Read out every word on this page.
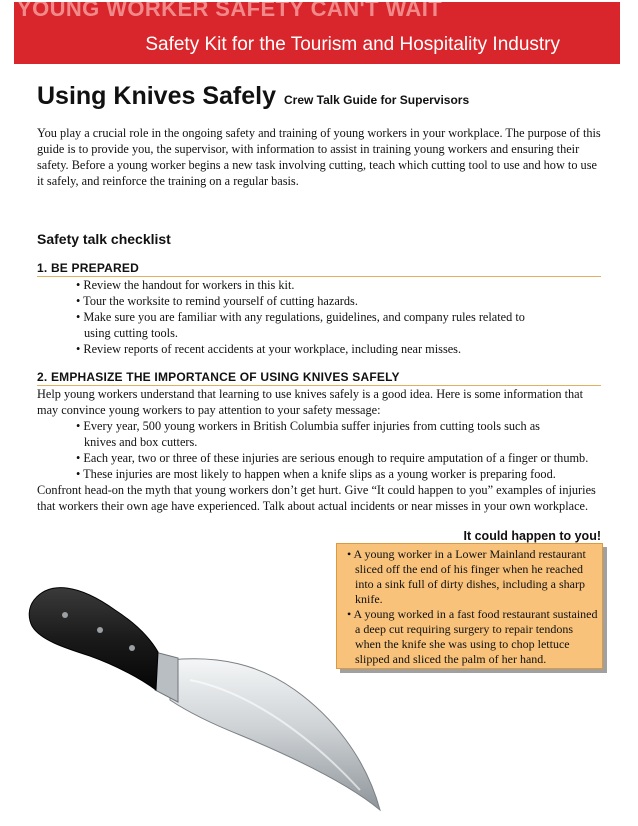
YOUNG WORKER SAFETY CAN'T WAIT
Safety Kit for the Tourism and Hospitality Industry
Using Knives Safely Crew Talk Guide for Supervisors

You play a crucial role in the ongoing safety and training of young workers in your workplace. The purpose of this guide is to provide you, the supervisor, with information to assist in training young workers and ensuring their safety. Before a young worker begins a new task involving cutting, teach which cutting tool to use and how to use it safely, and reinforce the training on a regular basis.

Safety talk checklist
1. BE PREPARED
• Review the handout for workers in this kit.
• Tour the worksite to remind yourself of cutting hazards.
• Make sure you are familiar with any regulations, guidelines, and company rules related to using cutting tools.
• Review reports of recent accidents at your workplace, including near misses.
2. EMPHASIZE THE IMPORTANCE OF USING KNIVES SAFELY

Help young workers understand that learning to use knives safely is a good idea. Here is some information that may convince young workers to pay attention to your safety message:

• Every year, 500 young workers in British Columbia suffer injuries from cutting tools such as knives and box cutters.
• Each year, two or three of these injuries are serious enough to require amputation of a finger or thumb.
• These injuries are most likely to happen when a knife slips as a young worker is preparing food.

Confront head-on the myth that young workers don’t get hurt. Give “It could happen to you” examples of injuries that workers their own age have experienced. Talk about actual incidents or near misses in your own workplace.

It could happen to you!
• A young worker in a Lower Mainland restaurant sliced off the end of his finger when he reached into a sink full of dirty dishes, including a sharp knife.
• A young worked in a fast food restaurant sustained a deep cut requiring surgery to repair tendons when the knife she was using to chop lettuce slipped and sliced the palm of her hand.
